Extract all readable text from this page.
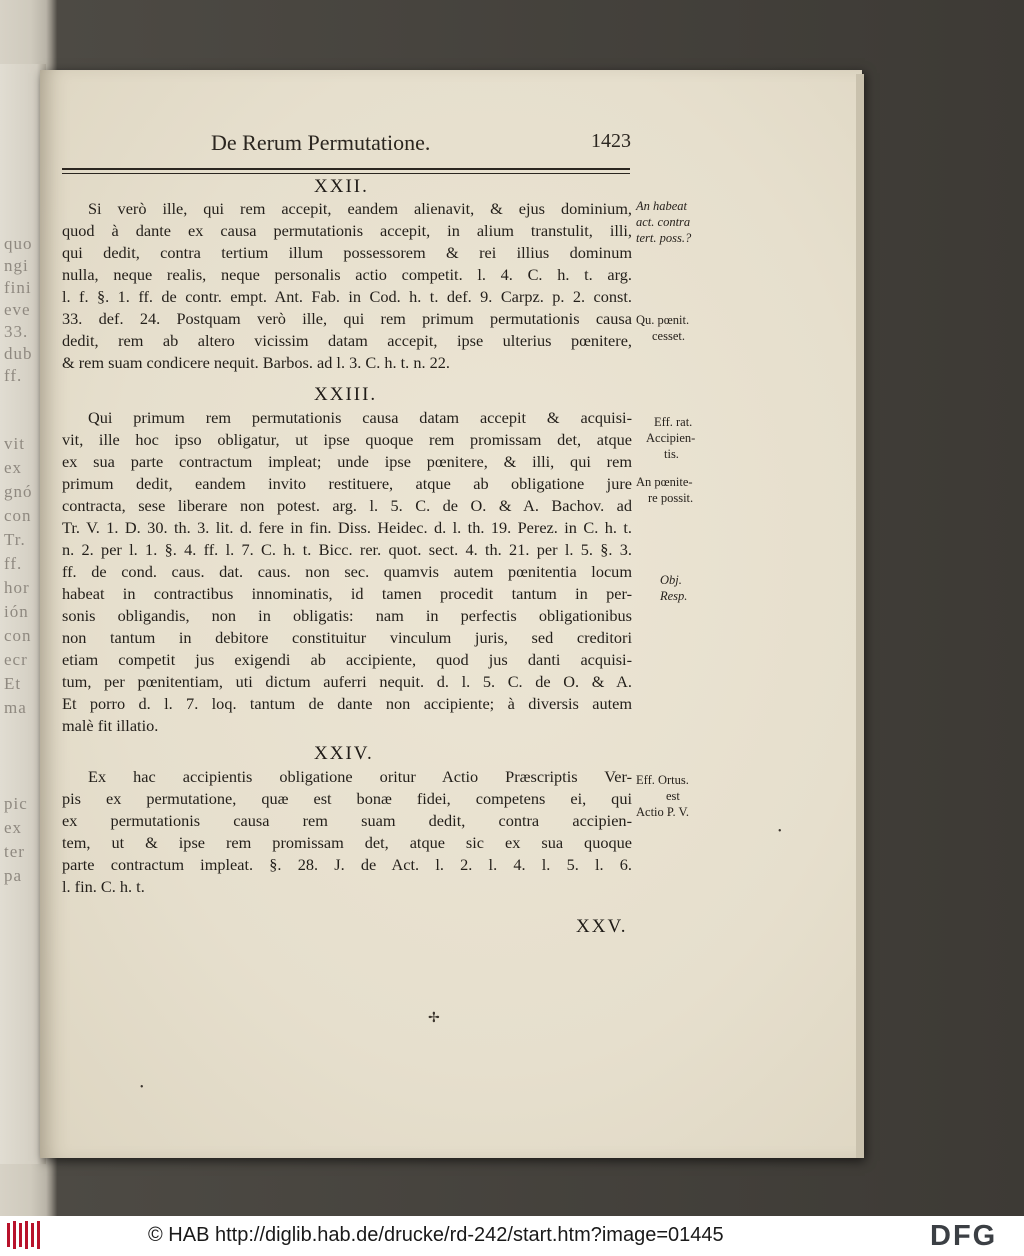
quo
ngi
fini
eve
33.
dub
ff.
vit
ex
gnó
con
Tr.
ff.
hor
ión
con
ecr
Et
ma
pic
ex
ter
pa
De Rerum Permutatione.	1423
XXII.
Si verò ille, qui rem accepit, eandem alienavit, & ejus dominium,
quod à dante ex causa permutationis accepit, in alium transtulit, illi,
qui dedit, contra tertium illum possessorem & rei illius dominum
nulla, neque realis, neque personalis actio competit. l. 4. C. h. t. arg.
l. f. §. 1. ff. de contr. empt. Ant. Fab. in Cod. h. t. def. 9. Carpz. p. 2. const.
33. def. 24. Postquam verò ille, qui rem primum permutationis causa
dedit, rem ab altero vicissim datam accepit, ipse ulterius pœnitere,
& rem suam condicere nequit. Barbos. ad l. 3. C. h. t. n. 22.
XXIII.
Qui primum rem permutationis causa datam accepit & acquisi-
vit, ille hoc ipso obligatur, ut ipse quoque rem promissam det, atque
ex sua parte contractum impleat; unde ipse pœnitere, & illi, qui rem
primum dedit, eandem invito restituere, atque ab obligatione jure
contracta, sese liberare non potest. arg. l. 5. C. de O. & A. Bachov. ad
Tr. V. 1. D. 30. th. 3. lit. d. fere in fin. Diss. Heidec. d. l. th. 19. Perez. in C. h. t.
n. 2. per l. 1. §. 4. ff. l. 7. C. h. t. Bicc. rer. quot. sect. 4. th. 21. per l. 5. §. 3.
ff. de cond. caus. dat. caus. non sec. quamvis autem pœnitentia locum
habeat in contractibus innominatis, id tamen procedit tantum in per-
sonis obligandis, non in obligatis: nam in perfectis obligationibus
non tantum in debitore constituitur vinculum juris, sed creditori
etiam competit jus exigendi ab accipiente, quod jus danti acquisi-
tum, per pœnitentiam, uti dictum auferri nequit. d. l. 5. C. de O. & A.
Et porro d. l. 7. loq. tantum de dante non accipiente; à diversis autem
malè fit illatio.
XXIV.
Ex hac accipientis obligatione oritur Actio Præscriptis Ver-
pis ex permutatione, quæ est bonæ fidei, competens ei, qui
ex permutationis causa rem suam dedit, contra accipien-
tem, ut & ipse rem promissam det, atque sic ex sua quoque
parte contractum impleat. §. 28. J. de Act. l. 2. l. 4. l. 5. l. 6.
l. fin. C. h. t.
XXV.
An habeat
act. contra
tert. poss.?
Qu. pœnit.
cesset.
Eff. rat.
Accipien-
tis.
An pœnite-
re possit.
Obj.
Resp.
Eff. Ortus.
est
Actio P. V.
✢
•
•
© HAB http://diglib.hab.de/drucke/rd-242/start.htm?image=01445	DFG
